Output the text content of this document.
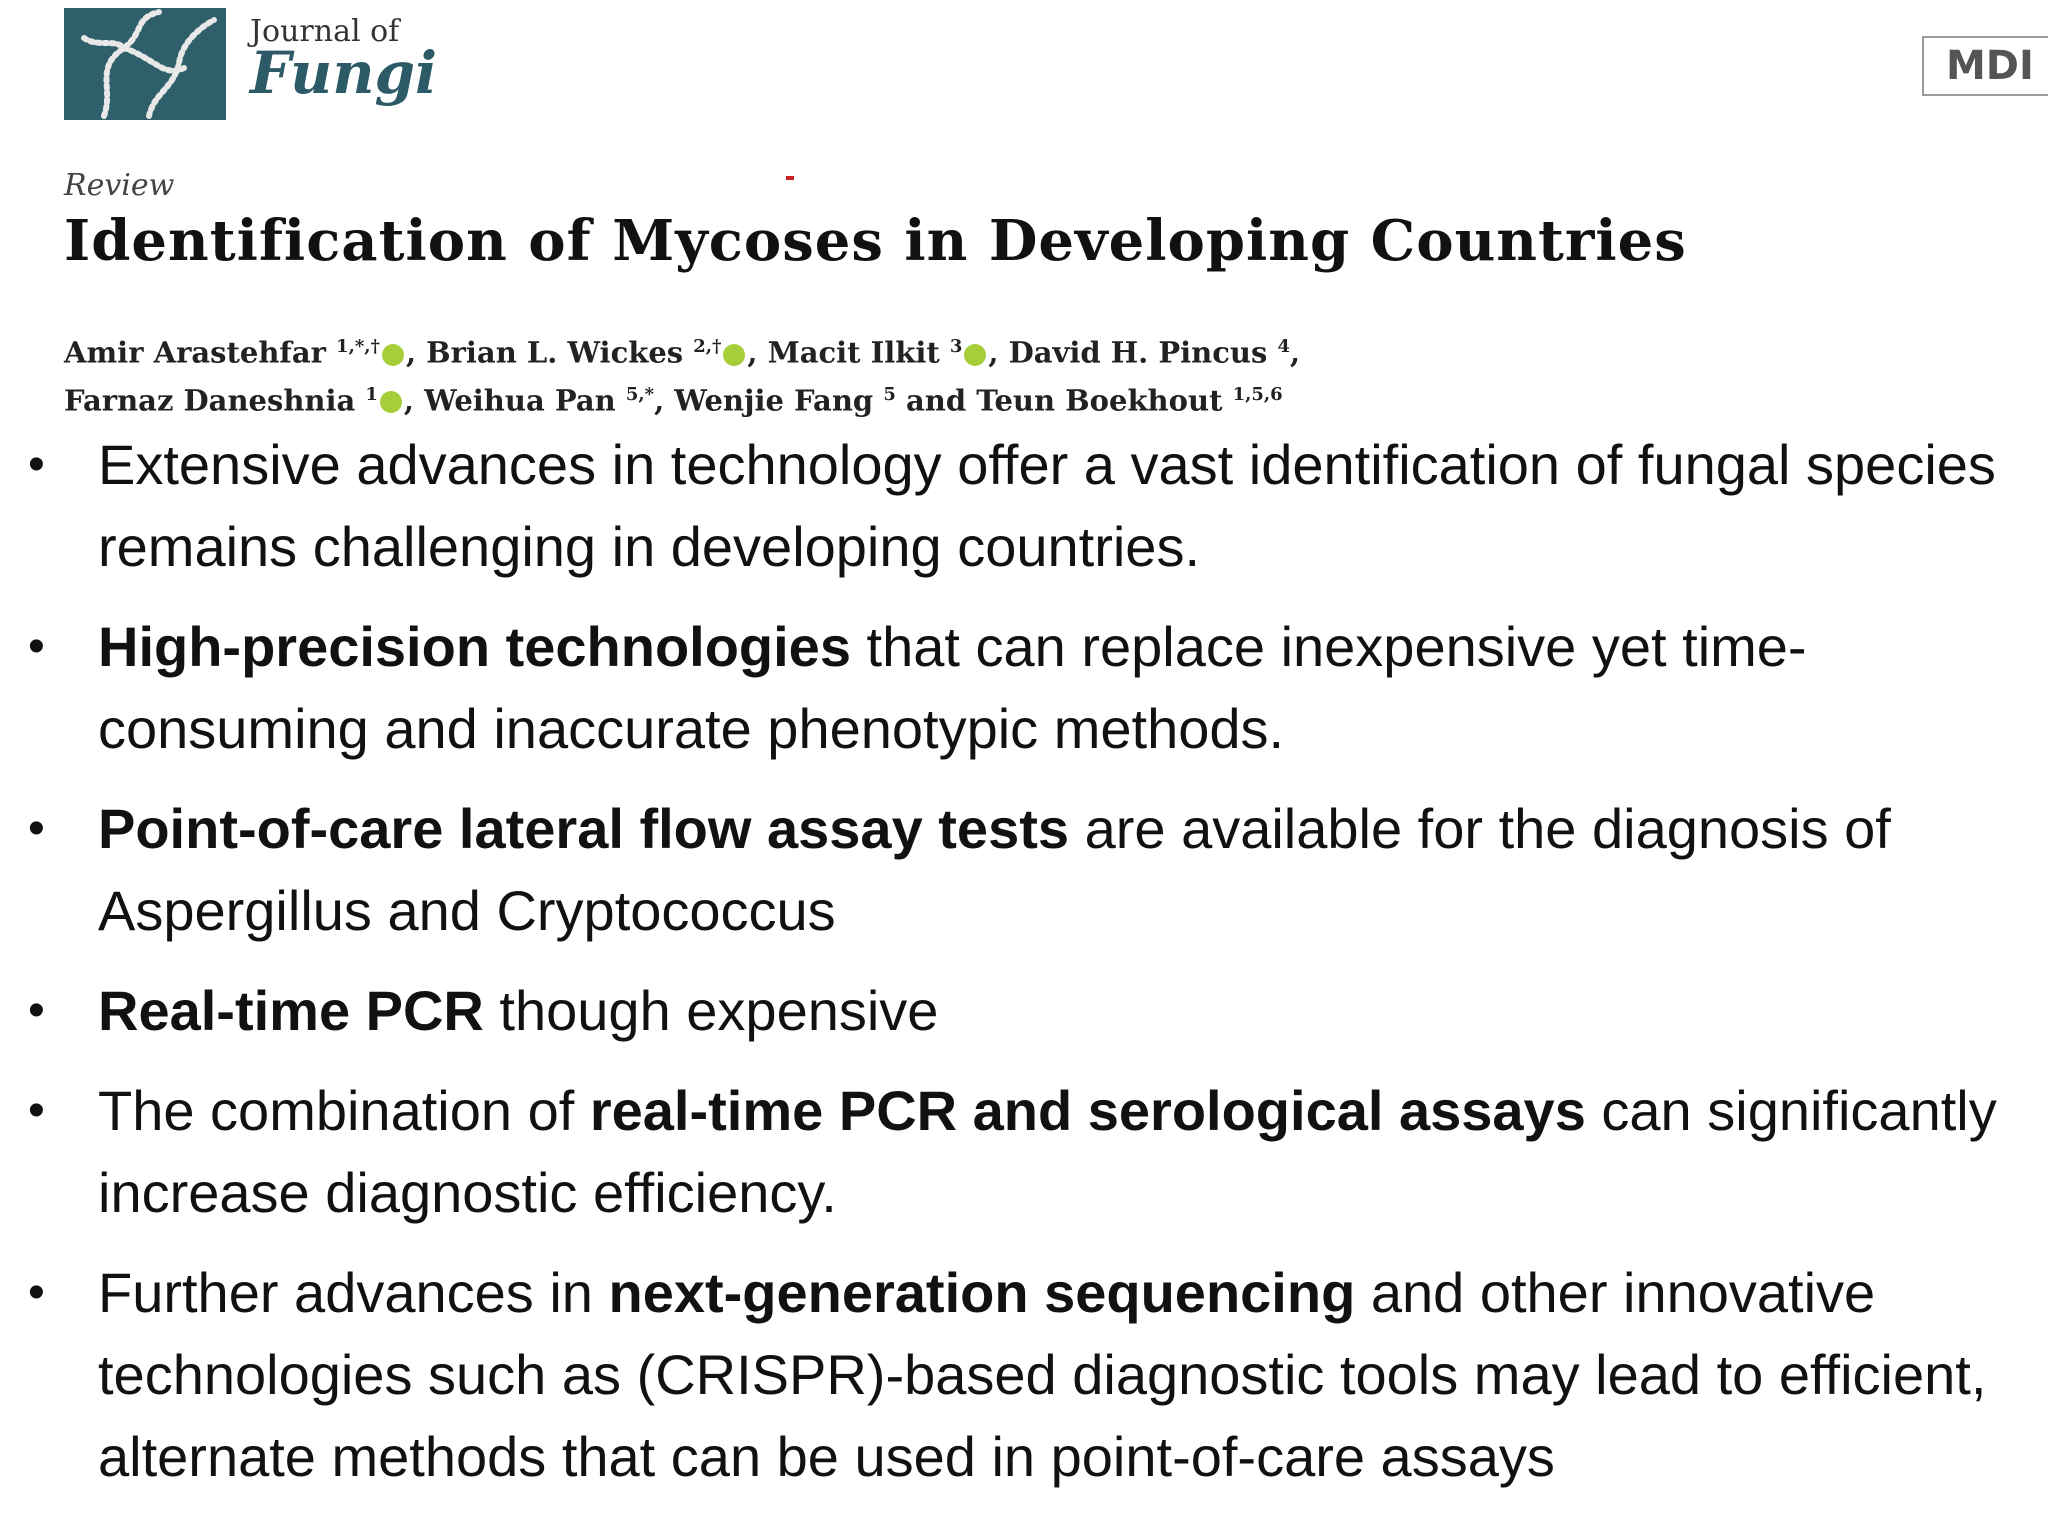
Journal of
Fungi	MDI
Review
Identification of Mycoses in Developing Countries
Amir Arastehfar $^{1,*,\dagger}$ , Brian L. Wickes $^{2,\dagger}$ , Macit Ilkit $^3$ , David H. Pincus $^4$,
Farnaz Daneshnia $^1$ , Weihua Pan $^{5,*}$, Wenjie Fang $^5$ and Teun Boekhout $^{1,5,6}$
• Extensive advances in technology offer a vast identification of fungal species remains challenging in developing countries.
• High-precision technologies that can replace inexpensive yet time-consuming and inaccurate phenotypic methods.
• Point-of-care lateral flow assay tests are available for the diagnosis of Aspergillus and Cryptococcus
• Real-time PCR though expensive
• The combination of real-time PCR and serological assays can significantly increase diagnostic efficiency.
• Further advances in next-generation sequencing and other innovative technologies such as (CRISPR)-based diagnostic tools may lead to efficient, alternate methods that can be used in point-of-care assays
